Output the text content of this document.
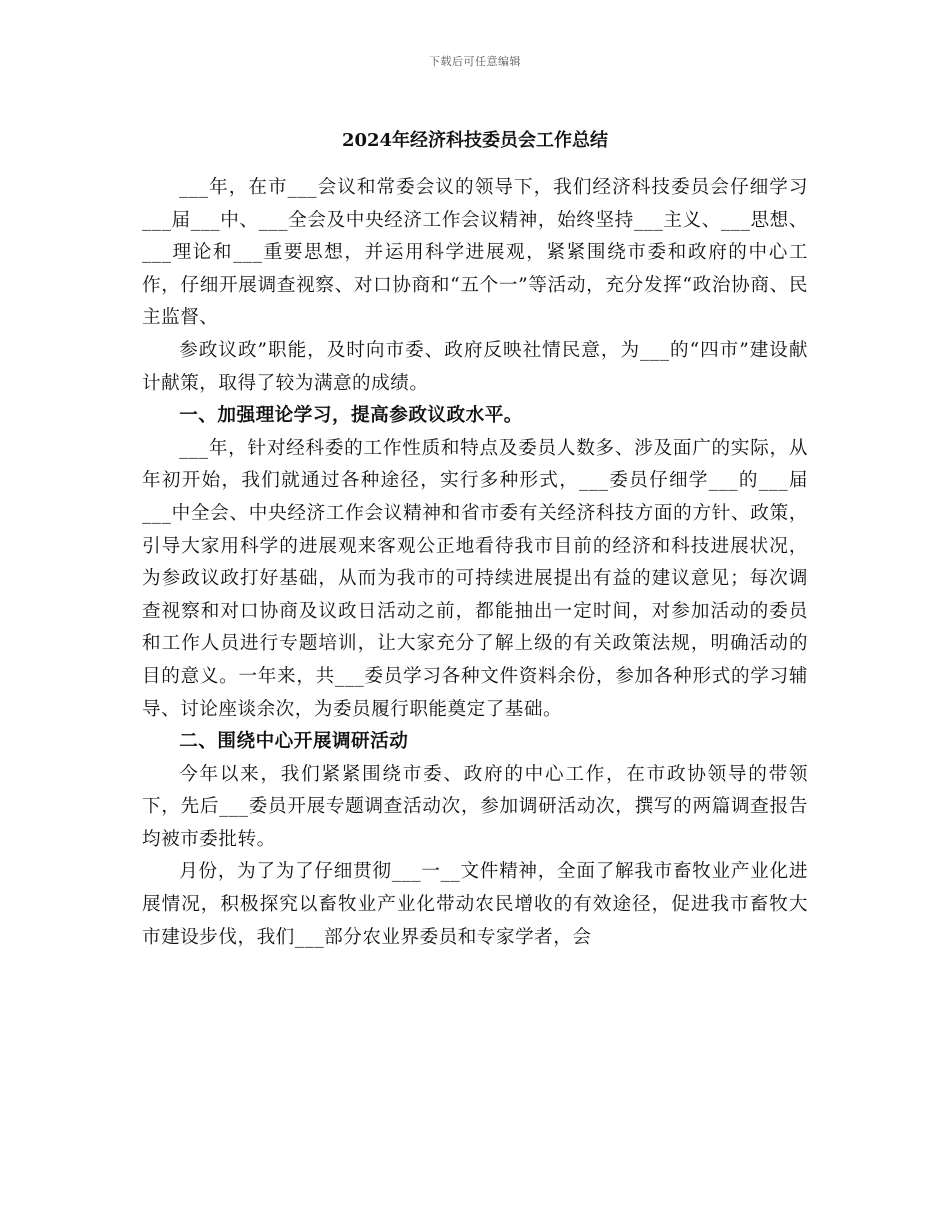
下载后可任意编辑
2024年经济科技委员会工作总结

___年，在市___会议和常委会议的领导下，我们经济科技委员会仔细学习___届___中、___全会及中央经济工作会议精神，始终坚持___主义、___思想、___理论和___重要思想，并运用科学进展观，紧紧围绕市委和政府的中心工作，仔细开展调查视察、对口协商和“五个一”等活动，充分发挥“政治协商、民主监督、

参政议政”职能，及时向市委、政府反映社情民意，为___的“四市”建设献计献策，取得了较为满意的成绩。

一、加强理论学习，提高参政议政水平。

___年，针对经科委的工作性质和特点及委员人数多、涉及面广的实际，从年初开始，我们就通过各种途径，实行多种形式，___委员仔细学___的___届___中全会、中央经济工作会议精神和省市委有关经济科技方面的方针、政策，引导大家用科学的进展观来客观公正地看待我市目前的经济和科技进展状况，为参政议政打好基础，从而为我市的可持续进展提出有益的建议意见；每次调查视察和对口协商及议政日活动之前，都能抽出一定时间，对参加活动的委员和工作人员进行专题培训，让大家充分了解上级的有关政策法规，明确活动的目的意义。一年来，共___委员学习各种文件资料余份，参加各种形式的学习辅导、讨论座谈余次，为委员履行职能奠定了基础。

二、围绕中心开展调研活动

今年以来，我们紧紧围绕市委、政府的中心工作，在市政协领导的带领下，先后___委员开展专题调查活动次，参加调研活动次，撰写的两篇调查报告均被市委批转。

月份，为了为了仔细贯彻___一__文件精神，全面了解我市畜牧业产业化进展情况，积极探究以畜牧业产业化带动农民增收的有效途径，促进我市畜牧大市建设步伐，我们___部分农业界委员和专家学者，会
